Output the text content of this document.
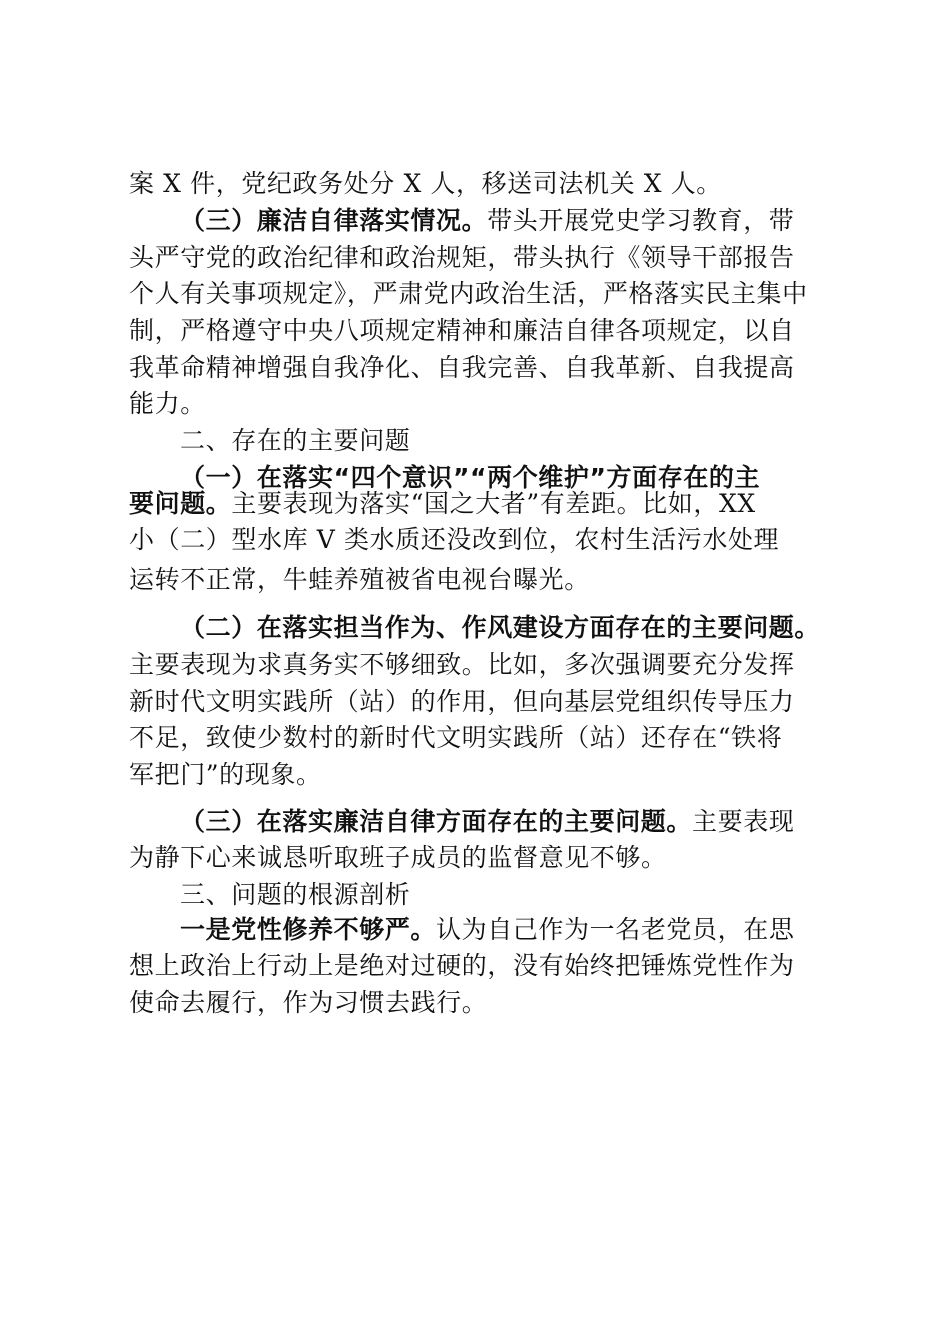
案 X 件，党纪政务处分 X 人，移送司法机关 X 人。
（三）廉洁自律落实情况。带头开展党史学习教育，带
头严守党的政治纪律和政治规矩，带头执行《领导干部报告
个人有关事项规定》，严肃党内政治生活，严格落实民主集中
制，严格遵守中央八项规定精神和廉洁自律各项规定，以自
我革命精神增强自我净化、自我完善、自我革新、自我提高
能力。
二、存在的主要问题
（一）在落实“四个意识”“两个维护”方面存在的主
要问题。主要表现为落实“国之大者”有差距。比如，XX
小（二）型水库 V 类水质还没改到位，农村生活污水处理
运转不正常，牛蛙养殖被省电视台曝光。
（二）在落实担当作为、作风建设方面存在的主要问题。
主要表现为求真务实不够细致。比如，多次强调要充分发挥
新时代文明实践所（站）的作用，但向基层党组织传导压力
不足，致使少数村的新时代文明实践所（站）还存在“铁将
军把门”的现象。
（三）在落实廉洁自律方面存在的主要问题。主要表现
为静下心来诚恳听取班子成员的监督意见不够。
三、问题的根源剖析
一是党性修养不够严。认为自己作为一名老党员，在思
想上政治上行动上是绝对过硬的，没有始终把锤炼党性作为
使命去履行，作为习惯去践行。
